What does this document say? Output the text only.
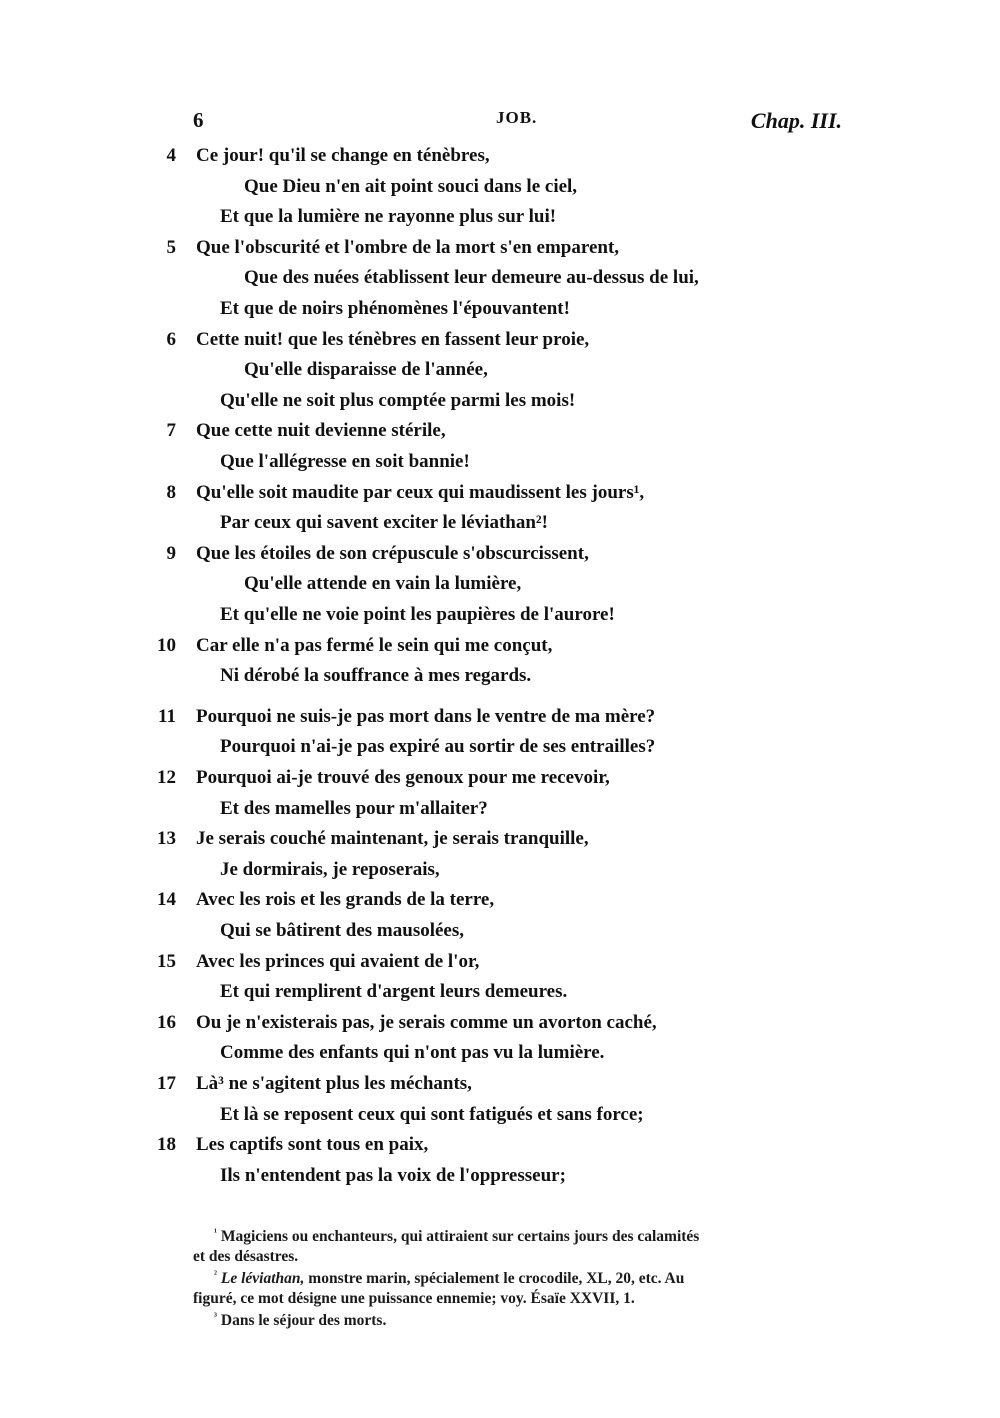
6	JOB.	Chap. III.
4 Ce jour! qu'il se change en ténèbres,
Que Dieu n'en ait point souci dans le ciel,
Et que la lumière ne rayonne plus sur lui!
5 Que l'obscurité et l'ombre de la mort s'en emparent,
Que des nuées établissent leur demeure au-dessus de lui,
Et que de noirs phénomènes l'épouvantent!
6 Cette nuit! que les ténèbres en fassent leur proie,
Qu'elle disparaisse de l'année,
Qu'elle ne soit plus comptée parmi les mois!
7 Que cette nuit devienne stérile,
Que l'allégresse en soit bannie!
8 Qu'elle soit maudite par ceux qui maudissent les jours¹,
Par ceux qui savent exciter le léviathan²!
9 Que les étoiles de son crépuscule s'obscurcissent,
Qu'elle attende en vain la lumière,
Et qu'elle ne voie point les paupières de l'aurore!
10 Car elle n'a pas fermé le sein qui me conçut,
Ni dérobé la souffrance à mes regards.
11 Pourquoi ne suis-je pas mort dans le ventre de ma mère?
Pourquoi n'ai-je pas expiré au sortir de ses entrailles?
12 Pourquoi ai-je trouvé des genoux pour me recevoir,
Et des mamelles pour m'allaiter?
13 Je serais couché maintenant, je serais tranquille,
Je dormirais, je reposerais,
14 Avec les rois et les grands de la terre,
Qui se bâtirent des mausolées,
15 Avec les princes qui avaient de l'or,
Et qui remplirent d'argent leurs demeures.
16 Ou je n'existerais pas, je serais comme un avorton caché,
Comme des enfants qui n'ont pas vu la lumière.
17 Là³ ne s'agitent plus les méchants,
Et là se reposent ceux qui sont fatigués et sans force;
18 Les captifs sont tous en paix,
Ils n'entendent pas la voix de l'oppresseur;
$^{^1}$ Magiciens ou enchanteurs, qui attiraient sur certains jours des calamités
et des désastres.
$^{^2}$ Le léviathan, monstre marin, spécialement le crocodile, XL, 20, etc. Au
figuré, ce mot désigne une puissance ennemie; voy. Ésaïe XXVII, 1.
$^{^3}$ Dans le séjour des morts.
